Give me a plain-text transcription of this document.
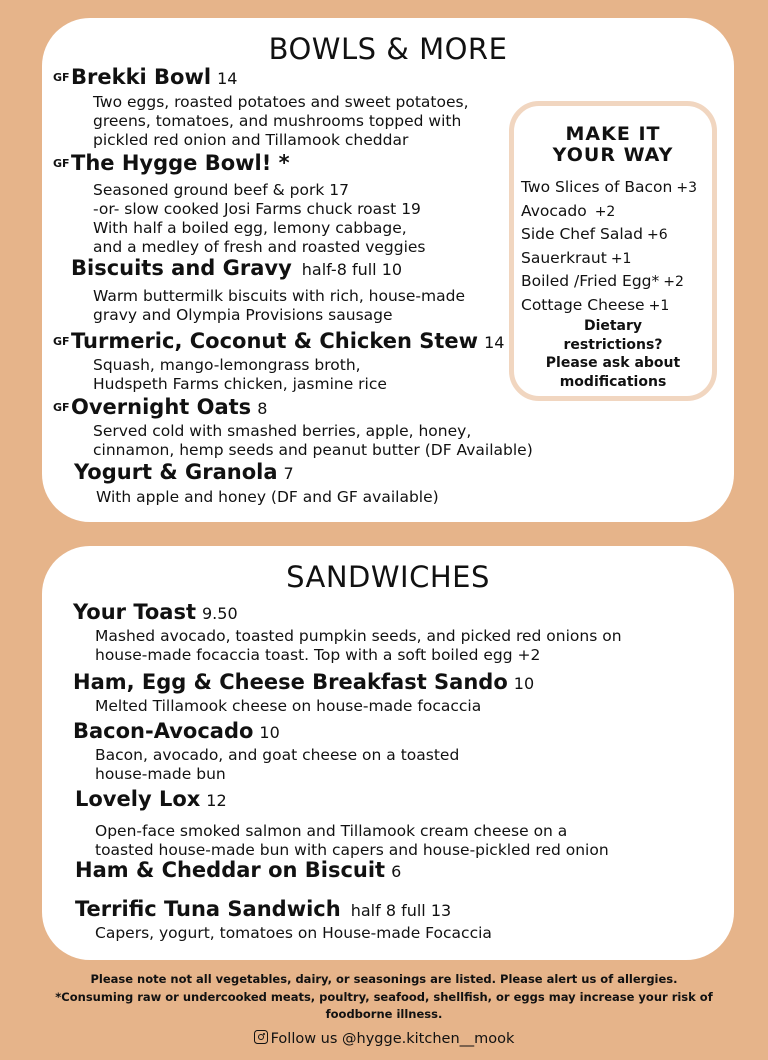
BOWLS & MORE
GF Brekki Bowl 14
Two eggs, roasted potatoes and sweet potatoes,
greens, tomatoes, and mushrooms topped with
pickled red onion and Tillamook cheddar
GF The Hygge Bowl! *
Seasoned ground beef & pork 17
-or- slow cooked Josi Farms chuck roast 19
With half a boiled egg, lemony cabbage,
and a medley of fresh and roasted veggies
Biscuits and Gravy half-8 full 10
Warm buttermilk biscuits with rich, house-made
gravy and Olympia Provisions sausage
GF Turmeric, Coconut & Chicken Stew 14
Squash, mango-lemongrass broth,
Hudspeth Farms chicken, jasmine rice
GF Overnight Oats 8
Served cold with smashed berries, apple, honey,
cinnamon, hemp seeds and peanut butter (DF Available)
Yogurt & Granola 7
With apple and honey (DF and GF available)
MAKE IT
YOUR WAY
Two Slices of Bacon +3
Avocado +2
Side Chef Salad +6
Sauerkraut +1
Boiled /Fried Egg* +2
Cottage Cheese +1
Dietary
restrictions?
Please ask about
modifications
SANDWICHES
Your Toast 9.50
Mashed avocado, toasted pumpkin seeds, and picked red onions on
house-made focaccia toast. Top with a soft boiled egg +2
Ham, Egg & Cheese Breakfast Sando 10
Melted Tillamook cheese on house-made focaccia
Bacon-Avocado 10
Bacon, avocado, and goat cheese on a toasted
house-made bun
Lovely Lox 12
Open-face smoked salmon and Tillamook cream cheese on a
toasted house-made bun with capers and house-pickled red onion
Ham & Cheddar on Biscuit 6
Terrific Tuna Sandwich half 8 full 13
Capers, yogurt, tomatoes on House-made Focaccia
Please note not all vegetables, dairy, or seasonings are listed. Please alert us of allergies.
*Consuming raw or undercooked meats, poultry, seafood, shellfish, or eggs may increase your risk of
foodborne illness.
Follow us @hygge.kitchen__mook
